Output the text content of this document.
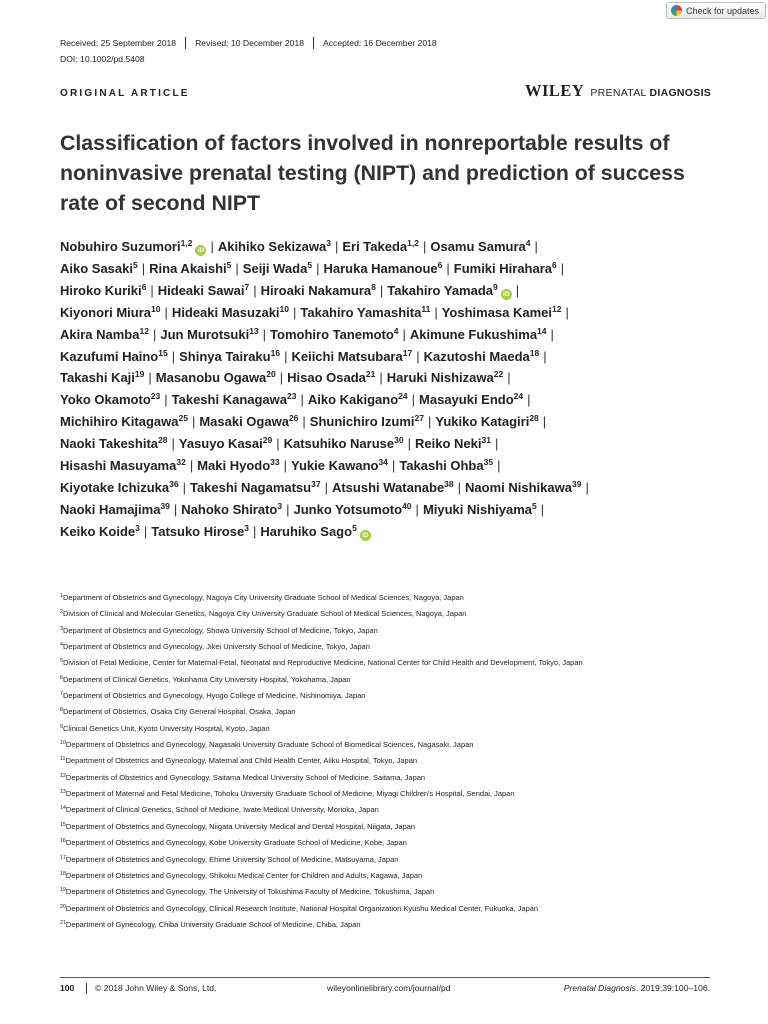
Check for updates
Received: 25 September 2018	Revised: 10 December 2018	Accepted: 16 December 2018
DOI: 10.1002/pd.5408
ORIGINAL ARTICLE	WILEY PRENATAL DIAGNOSIS
Classification of factors involved in nonreportable results of noninvasive prenatal testing (NIPT) and prediction of success rate of second NIPT
Nobuhiro Suzumori$^{1,2}$iD | Akihiko Sekizawa$^3$ | Eri Takeda$^{1,2}$ | Osamu Samura$^4$ |
Aiko Sasaki$^5$ | Rina Akaishi$^5$ | Seiji Wada$^5$ | Haruka Hamanoue$^6$ | Fumiki Hirahara$^6$ |
Hiroko Kuriki$^6$ | Hideaki Sawai$^7$ | Hiroaki Nakamura$^8$ | Takahiro Yamada$^9$iD |
Kiyonori Miura$^{10}$ | Hideaki Masuzaki$^{10}$ | Takahiro Yamashita$^{11}$ | Yoshimasa Kamei$^{12}$ |
Akira Namba$^{12}$ | Jun Murotsuki$^{13}$ | Tomohiro Tanemoto$^4$ | Akimune Fukushima$^{14}$ |
Kazufumi Haino$^{15}$ | Shinya Tairaku$^{16}$ | Keiichi Matsubara$^{17}$ | Kazutoshi Maeda$^{18}$ |
Takashi Kaji$^{19}$ | Masanobu Ogawa$^{20}$ | Hisao Osada$^{21}$ | Haruki Nishizawa$^{22}$ |
Yoko Okamoto$^{23}$ | Takeshi Kanagawa$^{23}$ | Aiko Kakigano$^{24}$ | Masayuki Endo$^{24}$ |
Michihiro Kitagawa$^{25}$ | Masaki Ogawa$^{26}$ | Shunichiro Izumi$^{27}$ | Yukiko Katagiri$^{28}$ |
Naoki Takeshita$^{28}$ | Yasuyo Kasai$^{29}$ | Katsuhiko Naruse$^{30}$ | Reiko Neki$^{31}$ |
Hisashi Masuyama$^{32}$ | Maki Hyodo$^{33}$ | Yukie Kawano$^{34}$ | Takashi Ohba$^{35}$ |
Kiyotake Ichizuka$^{36}$ | Takeshi Nagamatsu$^{37}$ | Atsushi Watanabe$^{38}$ | Naomi Nishikawa$^{39}$ |
Naoki Hamajima$^{39}$ | Nahoko Shirato$^3$ | Junko Yotsumoto$^{40}$ | Miyuki Nishiyama$^5$ |
Keiko Koide$^3$ | Tatsuko Hirose$^3$ | Haruhiko Sago$^5$iD
$^1$Department of Obstetrics and Gynecology, Nagoya City University Graduate School of Medical Sciences, Nagoya, Japan
$^2$Division of Clinical and Molecular Genetics, Nagoya City University Graduate School of Medical Sciences, Nagoya, Japan
$^3$Department of Obstetrics and Gynecology, Showa University School of Medicine, Tokyo, Japan
$^4$Department of Obstetrics and Gynecology, Jikei University School of Medicine, Tokyo, Japan
$^5$Division of Fetal Medicine, Center for Maternal-Fetal, Neonatal and Reproductive Medicine, National Center for Child Health and Development, Tokyo, Japan
$^6$Department of Clinical Genetics, Yokohama City University Hospital, Yokohama, Japan
$^7$Department of Obstetrics and Gynecology, Hyogo College of Medicine, Nishinomiya, Japan
$^8$Department of Obstetrics, Osaka City General Hospital, Osaka, Japan
$^9$Clinical Genetics Unit, Kyoto University Hospital, Kyoto, Japan
$^{10}$Department of Obstetrics and Gynecology, Nagasaki University Graduate School of Biomedical Sciences, Nagasaki, Japan
$^{11}$Department of Obstetrics and Gynecology, Maternal and Child Health Center, Aiiku Hospital, Tokyo, Japan
$^{12}$Departments of Obstetrics and Gynecology, Saitama Medical University School of Medicine, Saitama, Japan
$^{13}$Department of Maternal and Fetal Medicine, Tohoku University Graduate School of Medicine, Miyagi Children's Hospital, Sendai, Japan
$^{14}$Department of Clinical Genetics, School of Medicine, Iwate Medical University, Morioka, Japan
$^{15}$Department of Obstetrics and Gynecology, Niigata University Medical and Dental Hospital, Niigata, Japan
$^{16}$Department of Obstetrics and Gynecology, Kobe University Graduate School of Medicine, Kobe, Japan
$^{17}$Department of Obstetrics and Gynecology, Ehime University School of Medicine, Matsuyama, Japan
$^{18}$Department of Obstetrics and Gynecology, Shikoku Medical Center for Children and Adults, Kagawa, Japan
$^{19}$Department of Obstetrics and Gynecology, The University of Tokushima Faculty of Medicine, Tokushima, Japan
$^{20}$Department of Obstetrics and Gynecology, Clinical Research Institute, National Hospital Organization Kyushu Medical Center, Fukuoka, Japan
$^{21}$Department of Gynecology, Chiba University Graduate School of Medicine, Chiba, Japan
100	© 2018 John Wiley & Sons, Ltd.	wileyonlinelibrary.com/journal/pd	Prenatal Diagnosis. 2019;39:100–106.
